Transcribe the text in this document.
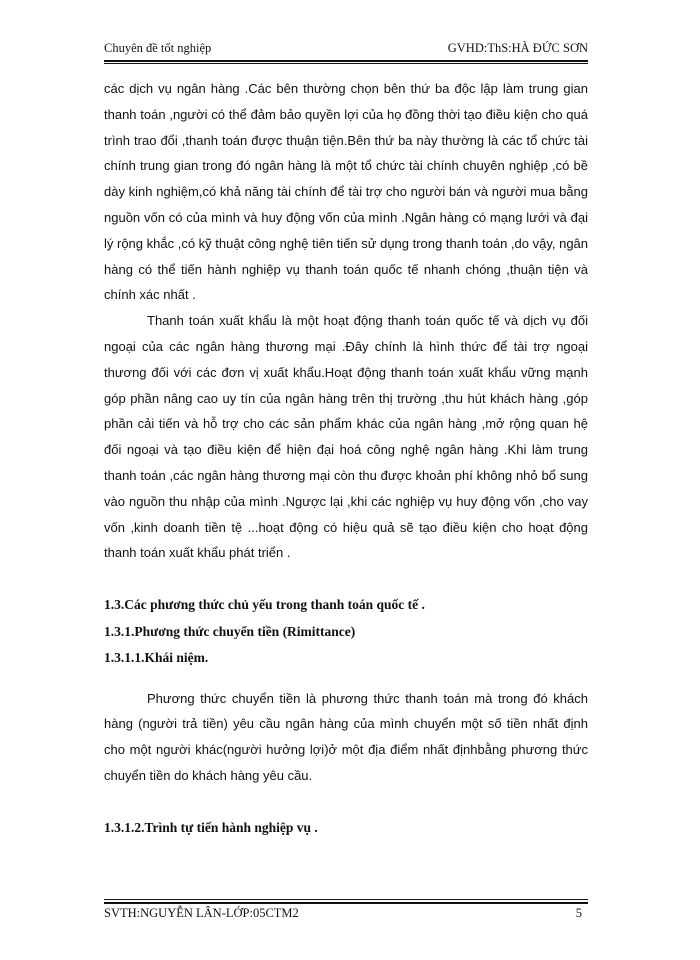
Chuyên đề tốt nghiệp	GVHD:ThS:HÀ ĐỨC SƠN

các dịch vụ ngân hàng .Các bên thường chọn bên thứ ba độc lập làm trung gian thanh toán ,người có thể đảm bảo quyền lợi của họ đồng thời tạo điều kiện cho quá trình trao đổi ,thanh toán được thuận tiện.Bên thứ ba này thường là các tổ chức tài chính trung gian trong đó ngân hàng là một tổ chức tài chính chuyên nghiệp ,có bề dày kinh nghiệm,có khả năng tài chính để tài trợ cho người bán và người mua bằng nguồn vốn có của mình và huy động vốn của mình .Ngân hàng có mạng lưới và đại lý rộng khắc ,có kỹ thuật công nghệ tiên tiến sử dụng trong thanh toán ,do vậy, ngân hàng có thể tiến hành nghiệp vụ thanh toán quốc tế nhanh chóng ,thuận tiện và chính xác nhất .

Thanh toán xuất khẩu là một hoạt động thanh toán quốc tế và dịch vụ đối ngoại của các ngân hàng thương mại .Đây chính là hình thức để tài trợ ngoại thương đối với các đơn vị xuất khẩu.Hoạt động thanh toán xuất khẩu vững mạnh góp phần nâng cao uy tín của ngân hàng trên thị trường ,thu hút khách hàng ,góp phần cải tiến và hỗ trợ cho các sản phẩm khác của ngân hàng ,mở rộng quan hệ đối ngoại và tạo điều kiện để hiện đại hoá công nghệ ngân hàng .Khi làm trung thanh toán ,các ngân hàng thương mại còn thu được khoản phí không nhỏ bổ sung vào nguồn thu nhập của mình .Ngược lại ,khi các nghiệp vụ huy động vốn ,cho vay vốn ,kinh doanh tiền tệ ...hoạt động có hiệu quả sẽ tạo điều kiện cho hoạt động thanh toán xuất khẩu phát triển .

1.3.Các phương thức chủ yếu trong thanh toán quốc tế .

1.3.1.Phương thức chuyển tiền (Rimittance)

1.3.1.1.Khái niệm.

Phương thức chuyển tiền là phương thức thanh toán mà trong đó khách hàng (người trả tiền) yêu cầu ngân hàng của mình chuyển một số tiền nhất định cho một người khác(người hưởng lợi)ở một địa điểm nhất địnhbằng phương thức chuyển tiền do khách hàng yêu cầu.

1.3.1.2.Trình tự tiến hành nghiệp vụ .

SVTH:NGUYỄN LÂN-LỚP:05CTM2	5
